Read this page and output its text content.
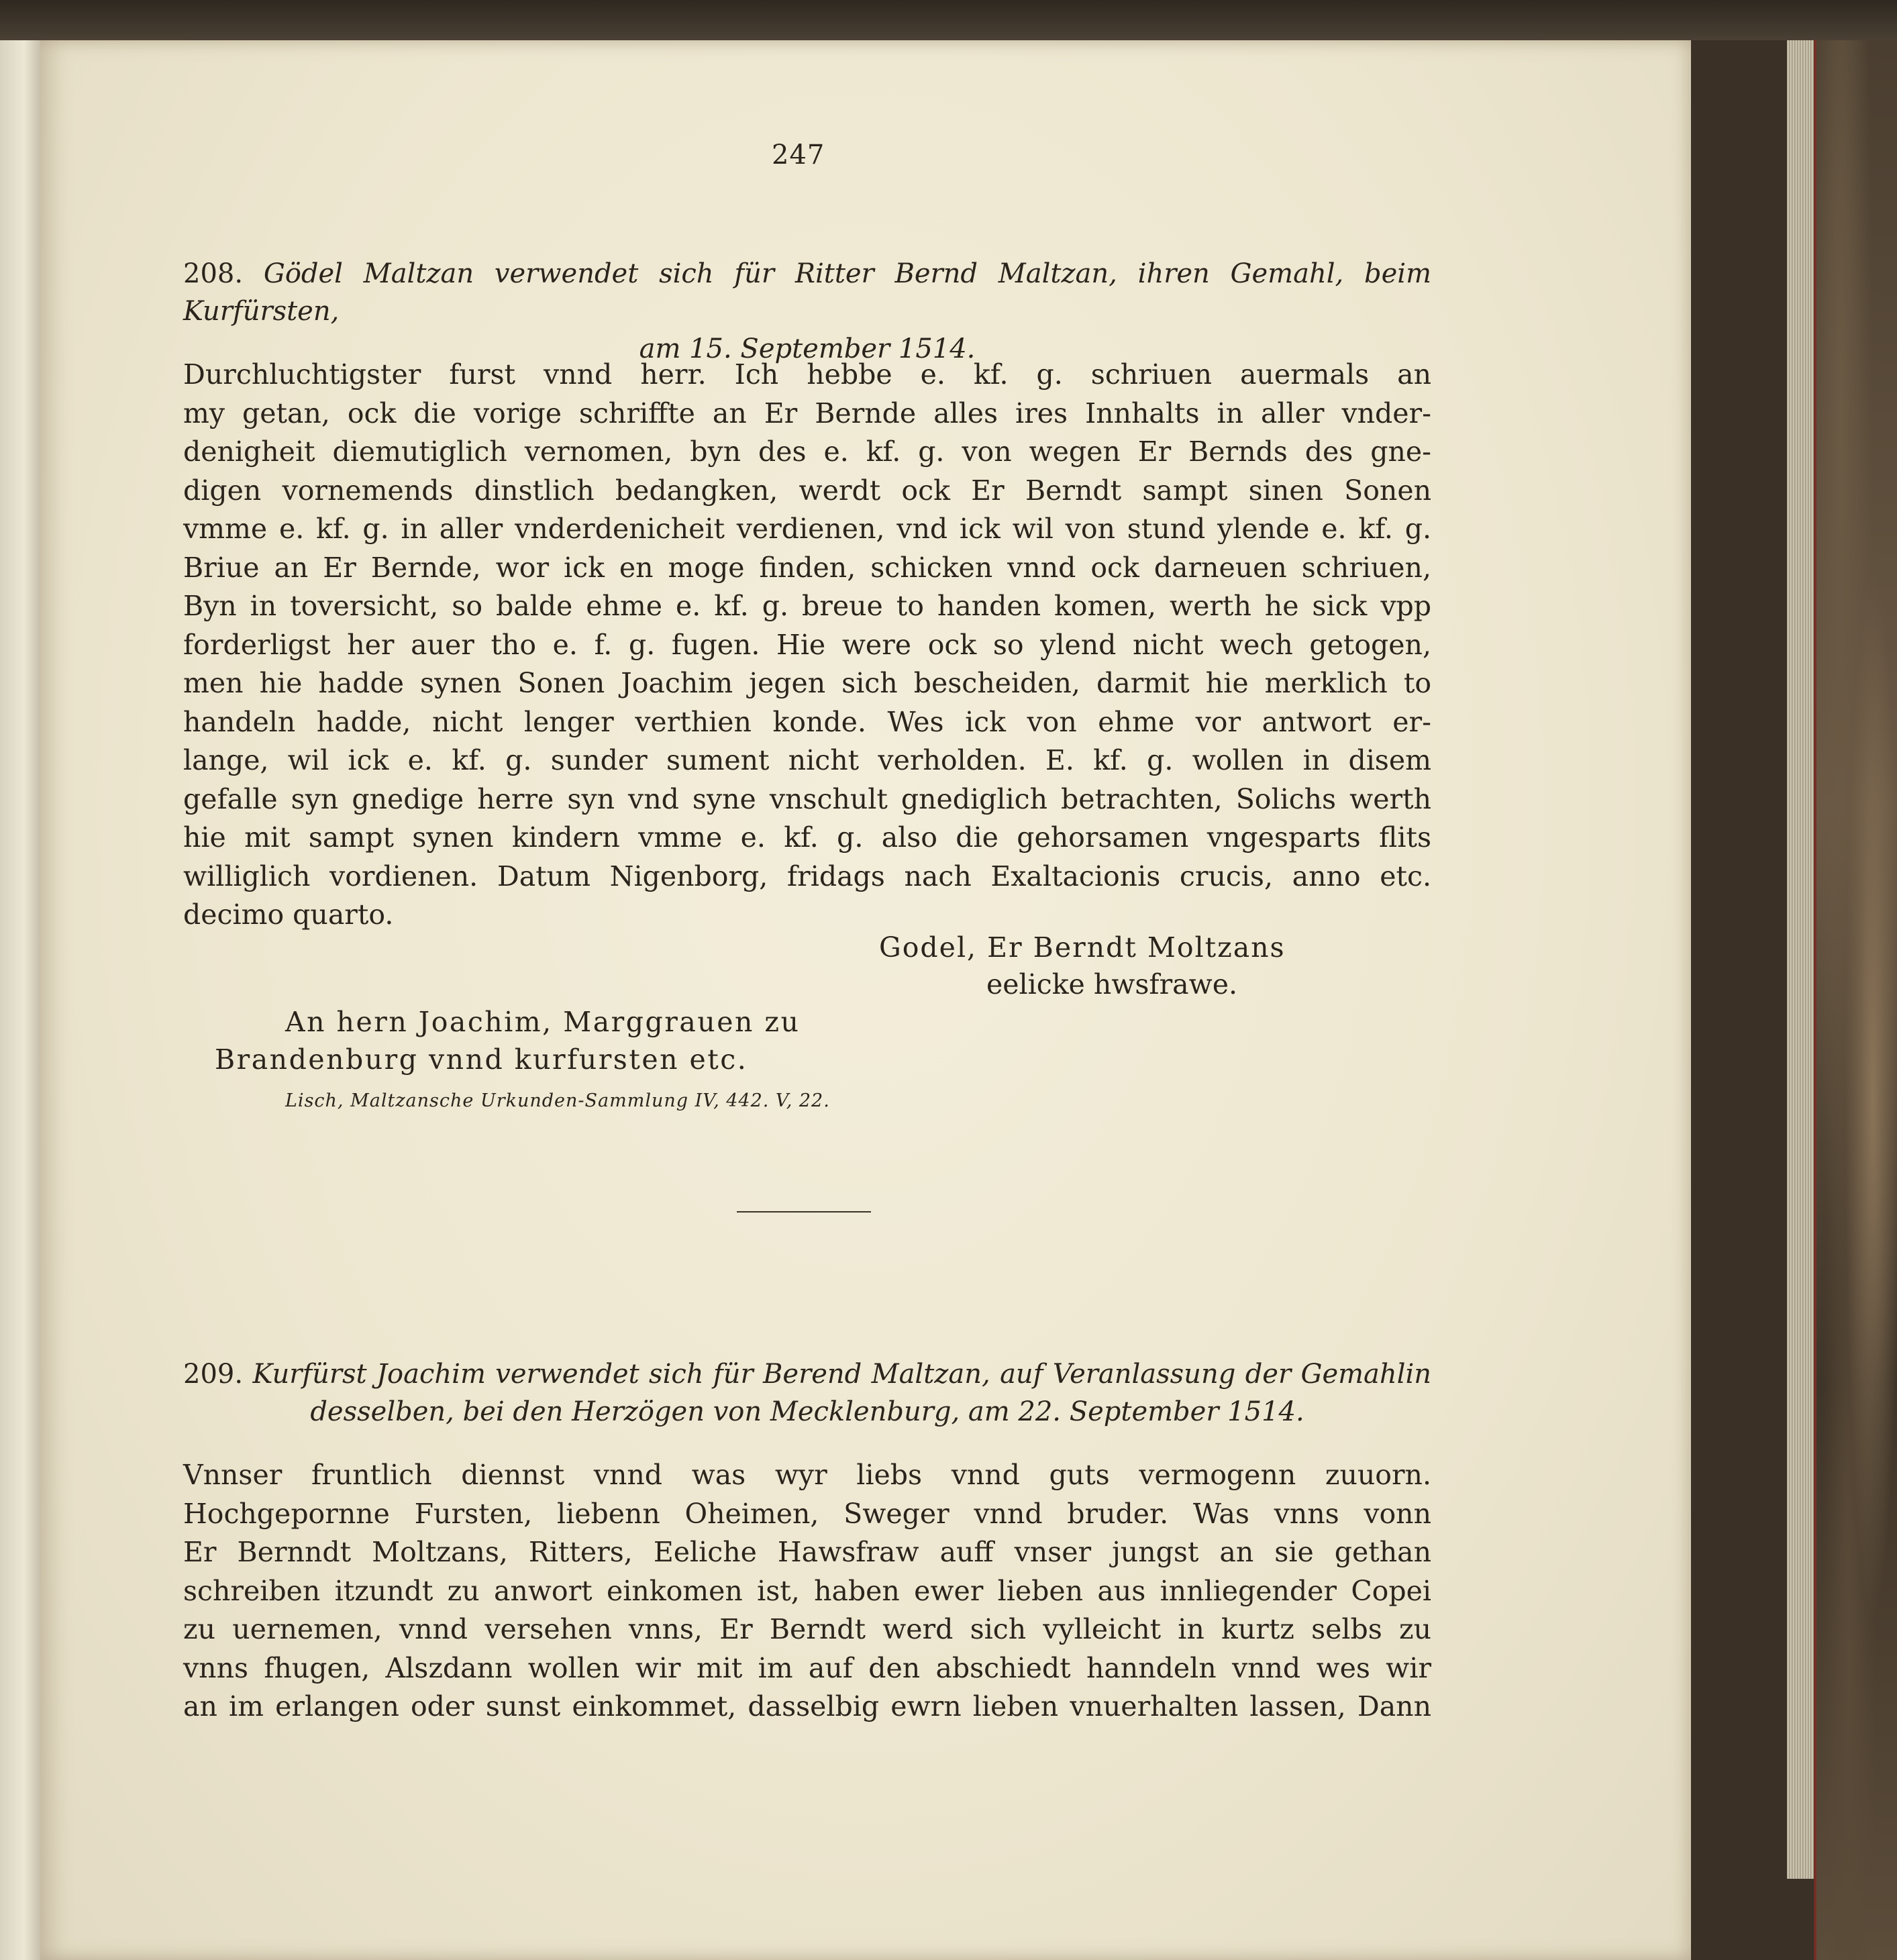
247
208. Gödel Maltzan verwendet sich für Ritter Bernd Maltzan, ihren Gemahl, beim Kurfürsten,
am 15. September 1514.
Durchluchtigster furst vnnd herr. Ich hebbe e. kf. g. schriuen auermals an
my getan, ock die vorige schriffte an Er Bernde alles ires Innhalts in aller vnder-
denigheit diemutiglich vernomen, byn des e. kf. g. von wegen Er Bernds des gne-
digen vornemends dinstlich bedangken, werdt ock Er Berndt sampt sinen Sonen
vmme e. kf. g. in aller vnderdenicheit verdienen, vnd ick wil von stund ylende e. kf. g.
Briue an Er Bernde, wor ick en moge finden, schicken vnnd ock darneuen schriuen,
Byn in toversicht, so balde ehme e. kf. g. breue to handen komen, werth he sick vpp
forderligst her auer tho e. f. g. fugen. Hie were ock so ylend nicht wech getogen,
men hie hadde synen Sonen Joachim jegen sich bescheiden, darmit hie merklich to
handeln hadde, nicht lenger verthien konde. Wes ick von ehme vor antwort er-
lange, wil ick e. kf. g. sunder sument nicht verholden. E. kf. g. wollen in disem
gefalle syn gnedige herre syn vnd syne vnschult gnediglich betrachten, Solichs werth
hie mit sampt synen kindern vmme e. kf. g. also die gehorsamen vngesparts flits
williglich vordienen. Datum Nigenborg, fridags nach Exaltacionis crucis, anno etc.
decimo quarto.
Godel, Er Berndt Moltzans
eelicke hwsfrawe.
An hern Joachim, Marggrauen zu
Brandenburg vnnd kurfursten etc.
Lisch, Maltzansche Urkunden-Sammlung IV, 442. V, 22.
209. Kurfürst Joachim verwendet sich für Berend Maltzan, auf Veranlassung der Gemahlin
desselben, bei den Herzögen von Mecklenburg, am 22. September 1514.
Vnnser fruntlich diennst vnnd was wyr liebs vnnd guts vermogenn zuuorn.
Hochgepornne Fursten, liebenn Oheimen, Sweger vnnd bruder. Was vnns vonn
Er Bernndt Moltzans, Ritters, Eeliche Hawsfraw auff vnser jungst an sie gethan
schreiben itzundt zu anwort einkomen ist, haben ewer lieben aus innliegender Copei
zu uernemen, vnnd versehen vnns, Er Berndt werd sich vylleicht in kurtz selbs zu
vnns fhugen, Alszdann wollen wir mit im auf den abschiedt hanndeln vnnd wes wir
an im erlangen oder sunst einkommet, dasselbig ewrn lieben vnuerhalten lassen, Dann
